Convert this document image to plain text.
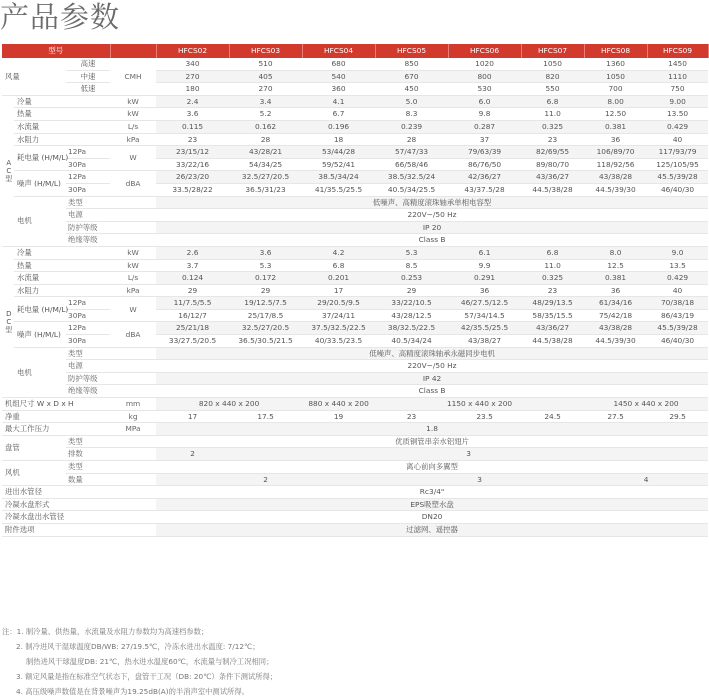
产品参数
型号				HFCS02	HFCS03	HFCS04	HFCS05	HFCS06	HFCS07	HFCS08	HFCS09
风量		高速	CMH	340	510	680	850	1020	1050	1360	1450
		中速		270	405	540	670	800	820	1050	1110
		低速		180	270	360	450	530	550	700	750
AC型	冷量		kW	2.4	3.4	4.1	5.0	6.0	6.8	8.00	9.00
	热量		kW	3.6	5.2	6.7	8.3	9.8	11.0	12.50	13.50
	水流量		L/s	0.115	0.162	0.196	0.239	0.287	0.325	0.381	0.429
	水阻力		kPa	23	28	18	28	37	23	36	40
	耗电量 (H/M/L)	12Pa	W	23/15/12	43/28/21	53/44/28	57/47/33	79/63/39	82/69/55	106/89/70	117/93/79
		30Pa		33/22/16	54/34/25	59/52/41	66/58/46	86/76/50	89/80/70	118/92/56	125/105/95
	噪声 (H/M/L)	12Pa	dBA	26/23/20	32.5/27/20.5	38.5/34/24	38.5/32.5/24	42/36/27	43/36/27	43/38/28	45.5/39/28
		30Pa		33.5/28/22	36.5/31/23	41/35.5/25.5	40.5/34/25.5	43/37.5/28	44.5/38/28	44.5/39/30	46/40/30
	电机	类型		低噪声、高精度滚珠轴承单相电容型							
		电源		220V~/50 Hz							
		防护等级		IP 20							
		绝缘等级		Class B							
DC型	冷量		kW	2.6	3.6	4.2	5.3	6.1	6.8	8.0	9.0
	热量		kW	3.7	5.3	6.8	8.5	9.9	11.0	12.5	13.5
	水流量		L/s	0.124	0.172	0.201	0.253	0.291	0.325	0.381	0.429
	水阻力		kPa	29	29	17	29	36	23	36	40
	耗电量 (H/M/L)	12Pa	W	11/7.5/5.5	19/12.5/7.5	29/20.5/9.5	33/22/10.5	46/27.5/12.5	48/29/13.5	61/34/16	70/38/18
		30Pa		16/12/7	25/17/8.5	37/24/11	43/28/12.5	57/34/14.5	58/35/15.5	75/42/18	86/43/19
	噪声 (H/M/L)	12Pa	dBA	25/21/18	32.5/27/20.5	37.5/32.5/22.5	38/32.5/22.5	42/35.5/25.5	43/36/27	43/38/28	45.5/39/28
		30Pa		33/27.5/20.5	36.5/30.5/21.5	40/33.5/23.5	40.5/34/24	43/38/27	44.5/38/28	44.5/39/30	46/40/30
	电机	类型		低噪声、高精度滚珠轴承永磁同步电机							
		电源		220V~/50 Hz							
		防护等级		IP 42							
		绝缘等级		Class B							
机组尺寸 W x D x H			mm	820 x 440 x 200		880 x 440 x 200	1150 x 440 x 200			1450 x 440 x 200	
净重			kg	17	17.5	19	23	23.5	24.5	27.5	29.5
最大工作压力			MPa	1.8							
盘管		类型		优质铜管串亲水铝翅片							
		排数		2	3						
风机		类型		离心前向多翼型							
		数量		2			3			4	
进出水管径				Rc3/4"							
冷凝水盘形式				EPS吸塑水盘							
冷凝水盘出水管径				DN20							
附件选项				过滤网、遥控器							
注：1. 制冷量、供热量，水流量及水阻力参数均为高速档参数；
2. 制冷进风干湿球温度DB/WB: 27/19.5℃，冷冻水进出水温度: 7/12℃；
制热进风干球温度DB: 21℃，热水进水温度60℃，水流量与制冷工况相同；
3. 额定风量是指在标准空气状态下，盘管干工况（DB: 20℃）条件下测试所得；
4. 高压级噪声数值是在背景噪声为19.25dB(A)的半消声室中测试所得。
